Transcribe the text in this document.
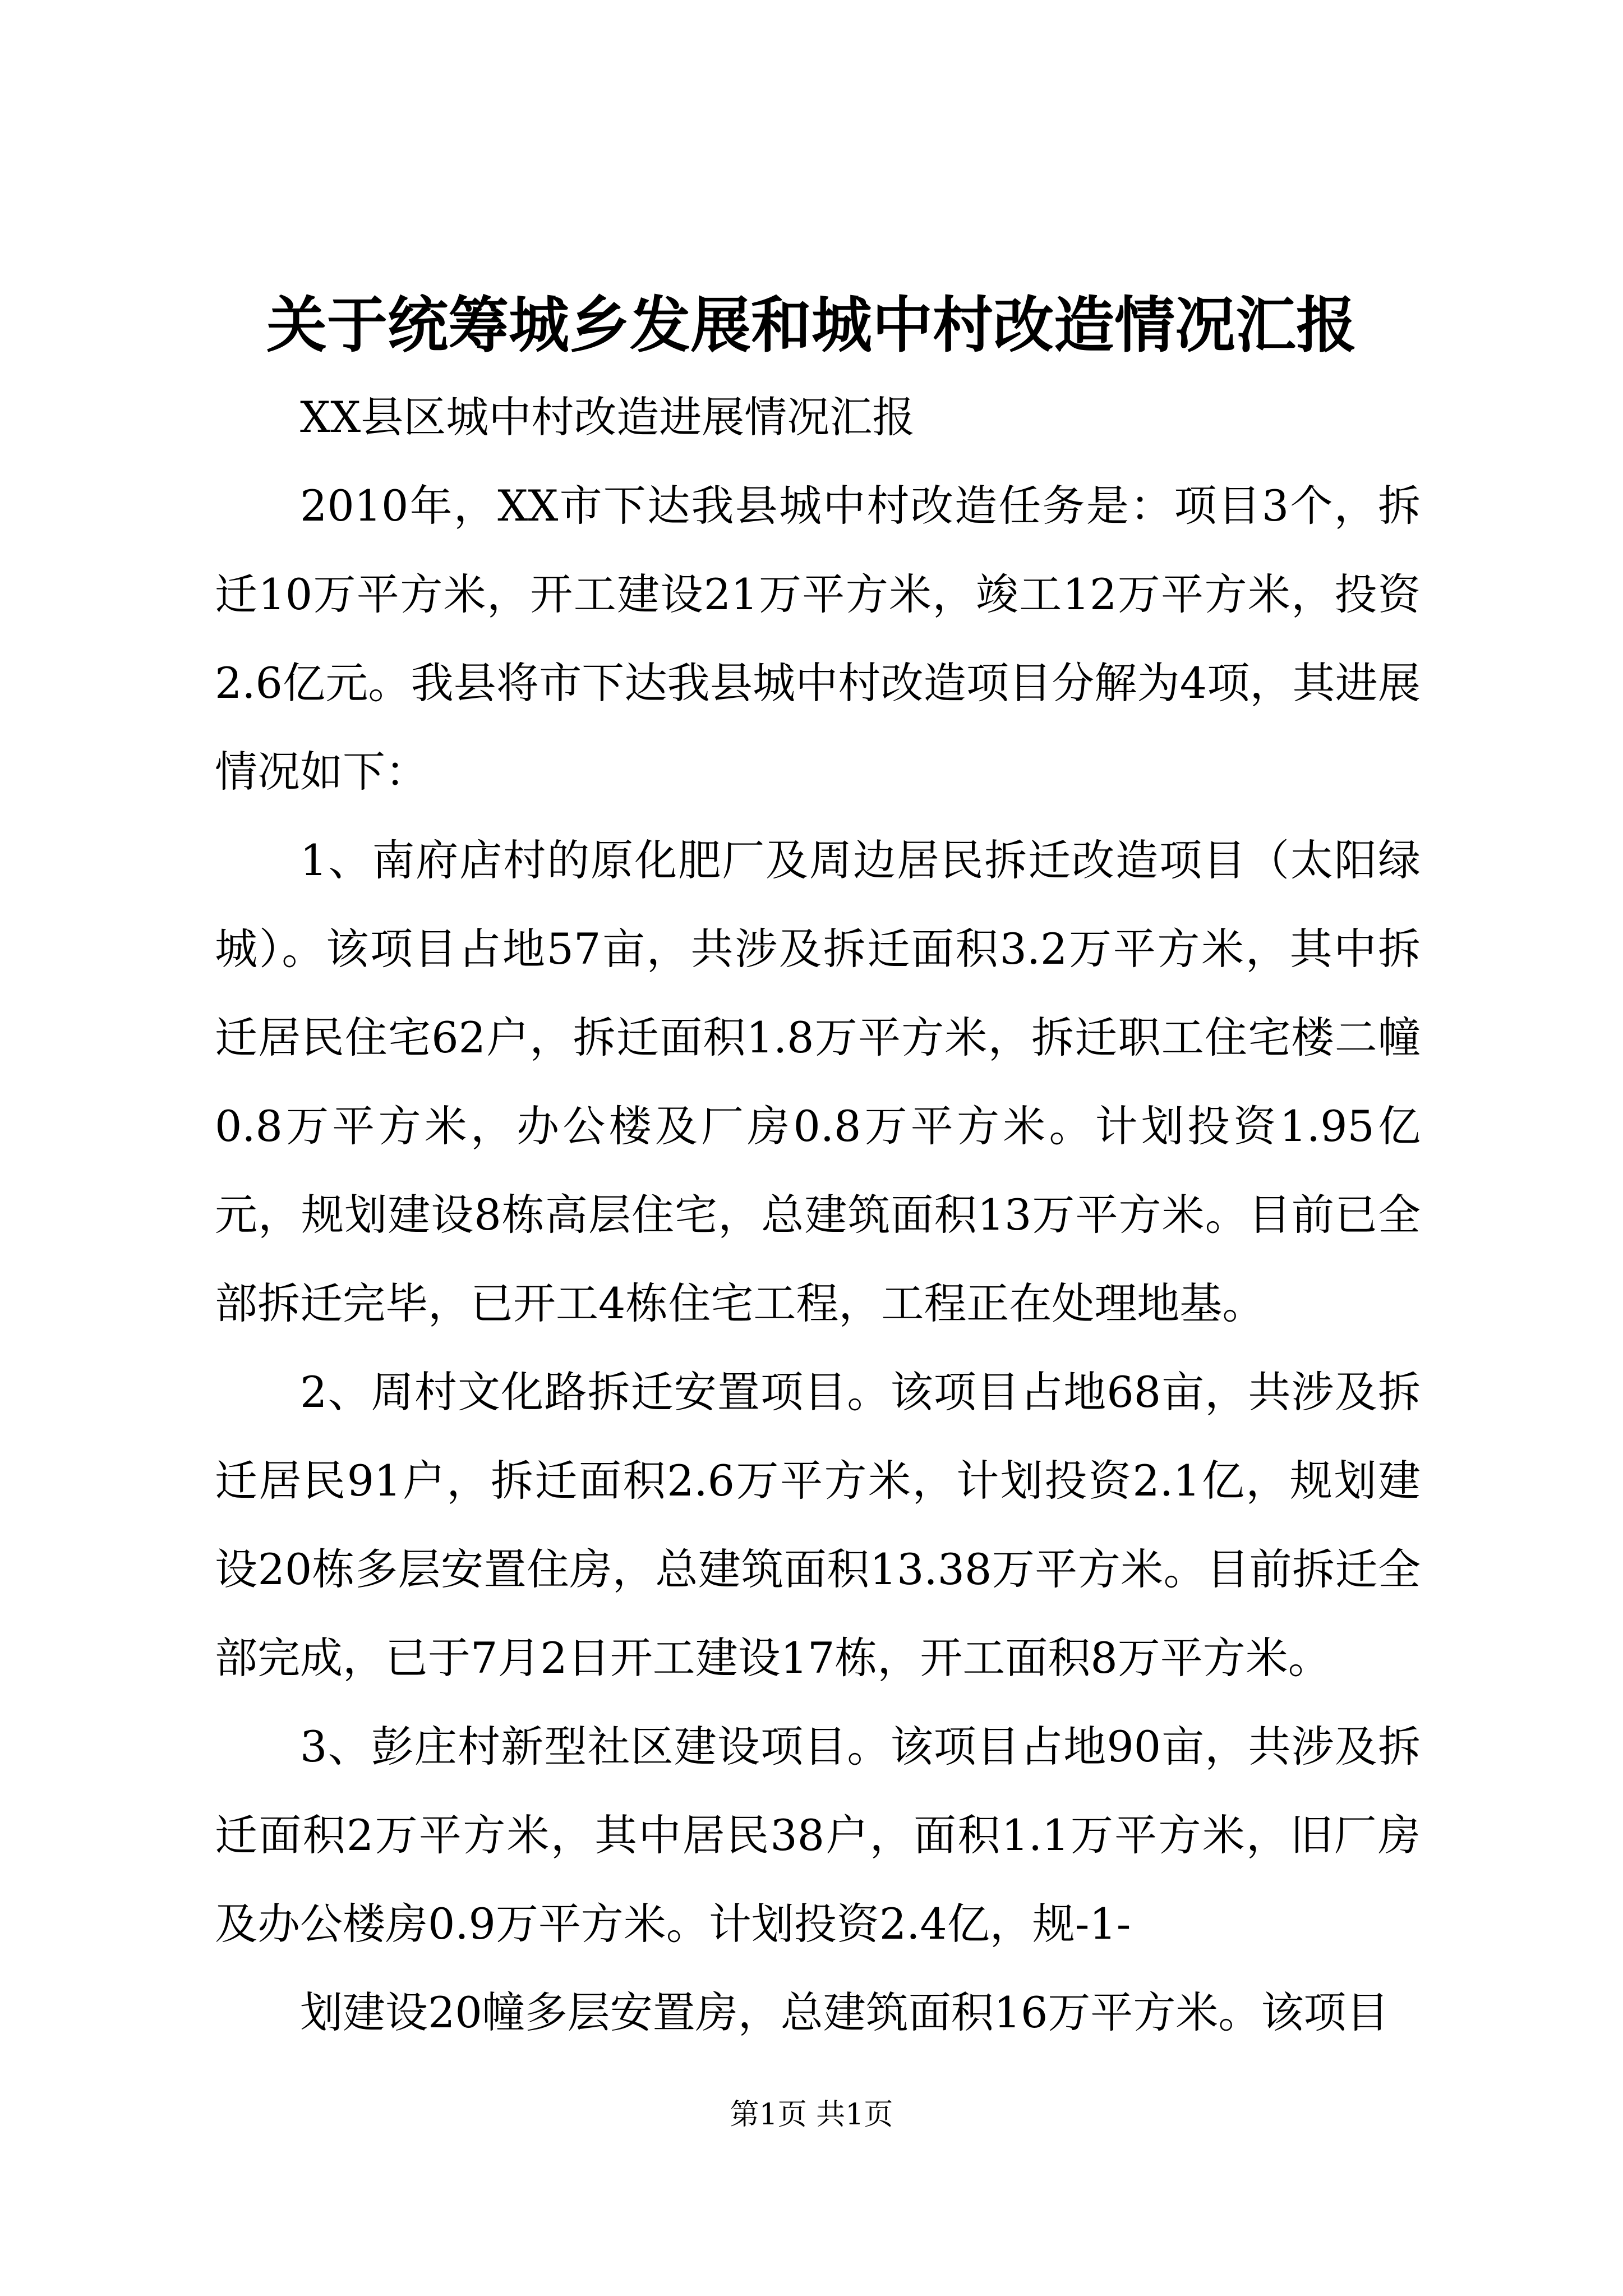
关于统筹城乡发展和城中村改造情况汇报

XX县区城中村改造进展情况汇报

2010年，XX市下达我县城中村改造任务是：项目3个，拆迁10万平方米，开工建设21万平方米，竣工12万平方米，投资2.6亿元。我县将市下达我县城中村改造项目分解为4项，其进展情况如下：

1、南府店村的原化肥厂及周边居民拆迁改造项目（太阳绿城）。该项目占地57亩，共涉及拆迁面积3.2万平方米，其中拆迁居民住宅62户，拆迁面积1.8万平方米，拆迁职工住宅楼二幢0.8万平方米，办公楼及厂房0.8万平方米。计划投资1.95亿元，规划建设8栋高层住宅，总建筑面积13万平方米。目前已全部拆迁完毕，已开工4栋住宅工程，工程正在处理地基。

2、周村文化路拆迁安置项目。该项目占地68亩，共涉及拆迁居民91户，拆迁面积2.6万平方米，计划投资2.1亿，规划建设20栋多层安置住房，总建筑面积13.38万平方米。目前拆迁全部完成，已于7月2日开工建设17栋，开工面积8万平方米。

3、彭庄村新型社区建设项目。该项目占地90亩，共涉及拆迁面积2万平方米，其中居民38户，面积1.1万平方米，旧厂房及办公楼房0.9万平方米。计划投资2.4亿，规-1-

划建设20幢多层安置房，总建筑面积16万平方米。该项目

第1页 共1页
